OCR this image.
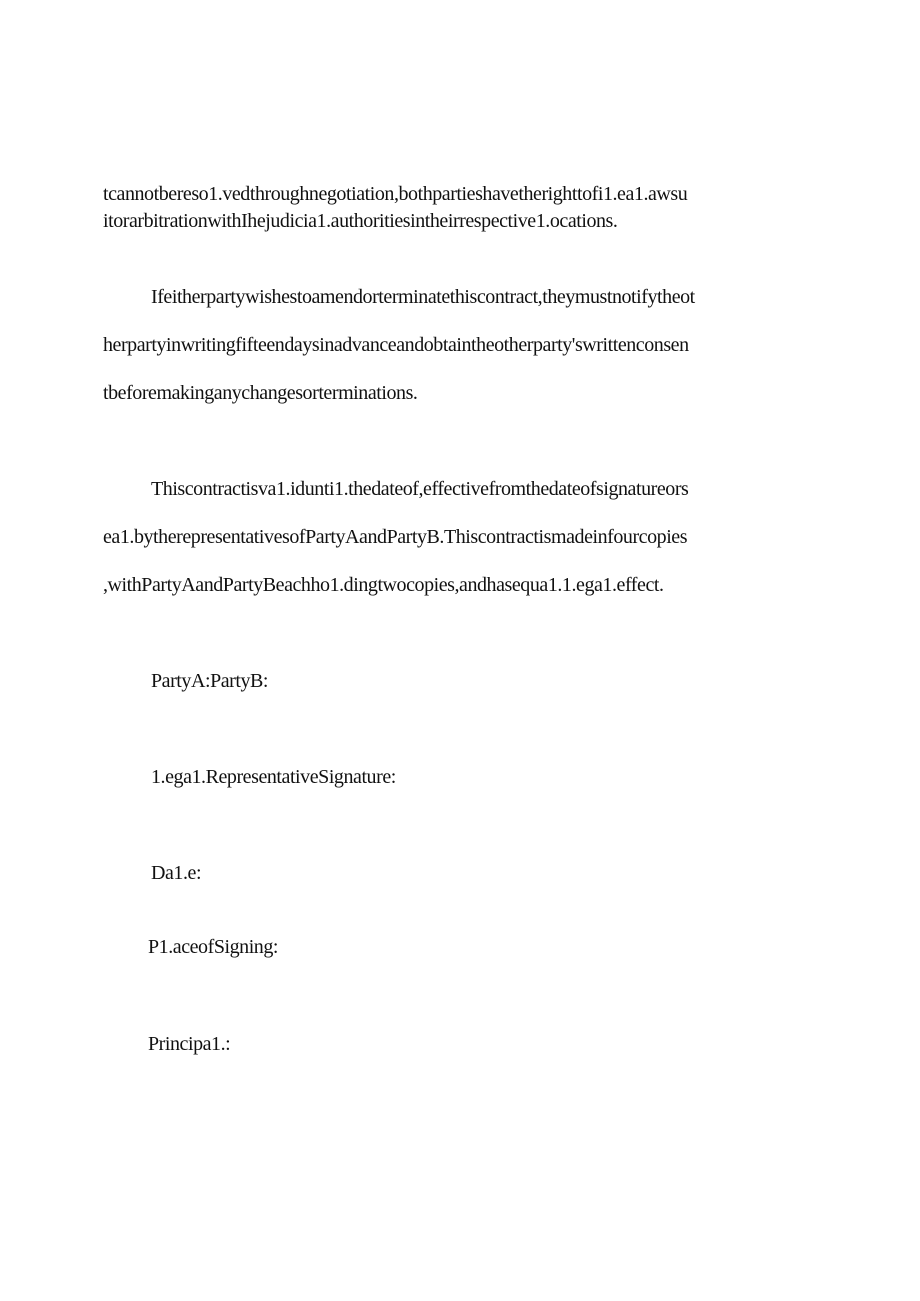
tcannotbereso1.vedthroughnegotiation,bothpartieshavetherighttofi1.ea1.awsu
itorarbitrationwithIhejudicia1.authoritiesintheirrespective1.ocations.
Ifeitherpartywishestoamendorterminatethiscontract,theymustnotifytheot
herpartyinwritingfifteendaysinadvanceandobtaintheotherparty'swrittenconsen
tbeforemakinganychangesorterminations.
Thiscontractisva1.idunti1.thedateof,effectivefromthedateofsignatureors
ea1.bytherepresentativesofPartyAandPartyB.Thiscontractismadeinfourcopies
,withPartyAandPartyBeachho1.dingtwocopies,andhasequa1.1.ega1.effect.
PartyA:PartyB:
1.ega1.RepresentativeSignature:
Da1.e:
P1.aceofSigning:
Principa1.:
